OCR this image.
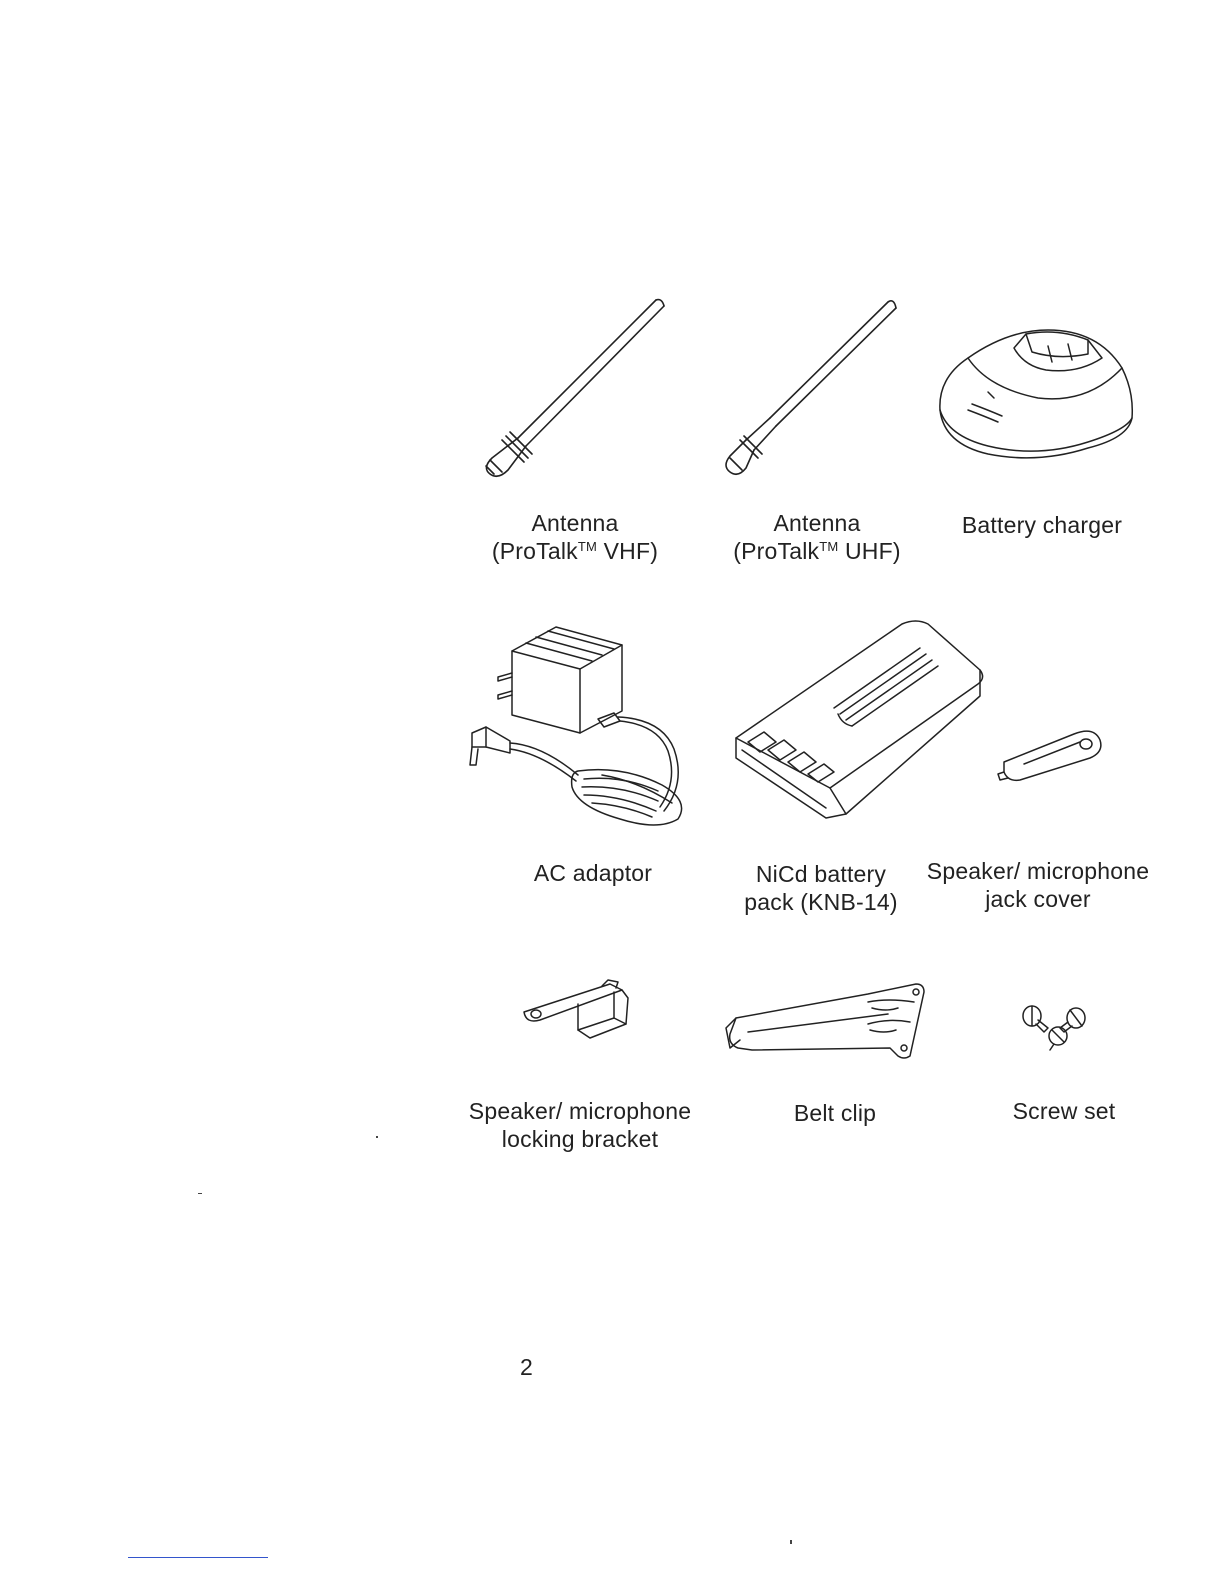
Antenna
(ProTalk™ VHF)
Antenna
(ProTalk™ UHF)
Battery charger
AC adaptor	NiCd battery
pack (KNB-14)
Speaker/ microphone
jack cover
Speaker/ microphone
locking bracket
Belt clip	Screw set
2
